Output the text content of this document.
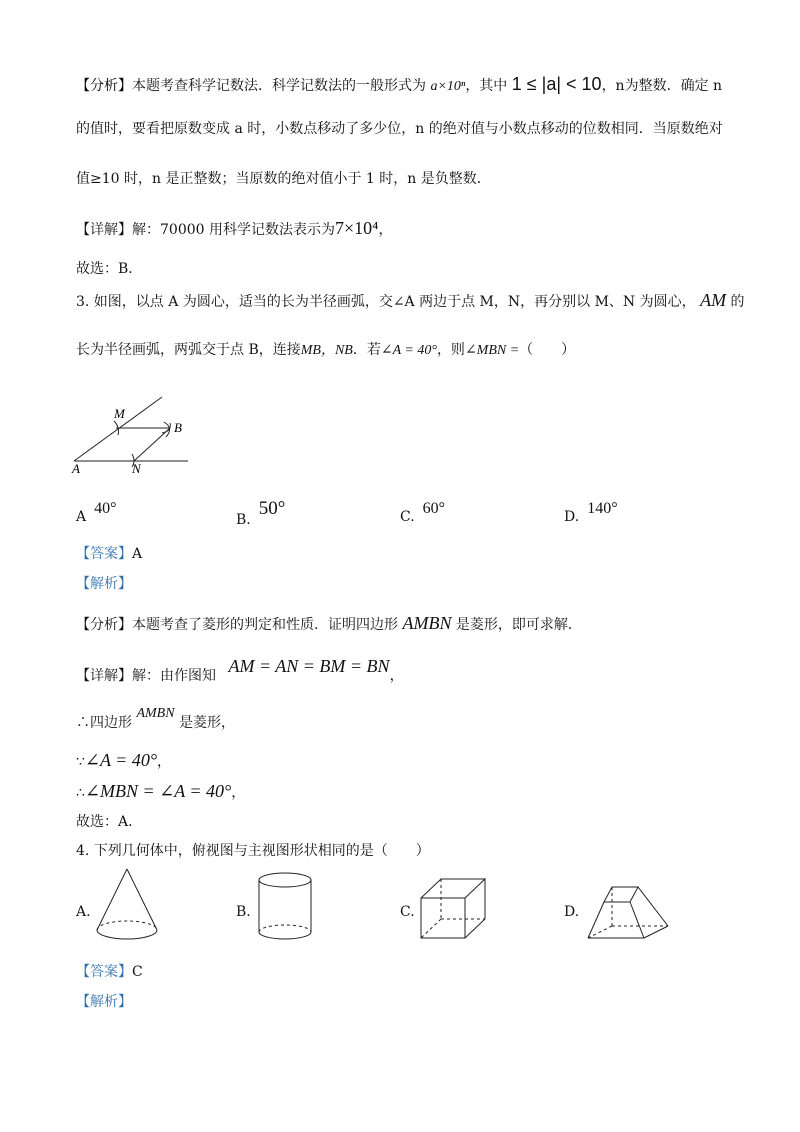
【分析】本题考查科学记数法．科学记数法的一般形式为 a×10ⁿ，其中 1 ≤ |a| < 10，n为整数．确定 n
的值时，要看把原数变成 a 时，小数点移动了多少位，n 的绝对值与小数点移动的位数相同．当原数绝对
值≥10 时，n 是正整数；当原数的绝对值小于 1 时，n 是负整数．
【详解】解：70000 用科学记数法表示为7×10⁴，
故选：B．
3. 如图，以点 A 为圆心，适当的长为半径画弧，交∠A 两边于点 M，N，再分别以 M、N 为圆心， AM 的
长为半径画弧，两弧交于点 B，连接MB，NB．若∠A = 40°，则∠MBN =（　　）
M
B
A	N
A 40°
B.50°	C. 60°	D. 140°
【答案】A
【解析】
【分析】本题考查了菱形的判定和性质．证明四边形 AMBN 是菱形，即可求解．
【详解】解：由作图知 AM = AN = BM = BN，
∴四边形 AMBN 是菱形，
∵∠A = 40°，
∴∠MBN = ∠A = 40°，
故选：A．
4. 下列几何体中，俯视图与主视图形状相同的是（　　）
A.	B.	C.	D.
【答案】C
【解析】
